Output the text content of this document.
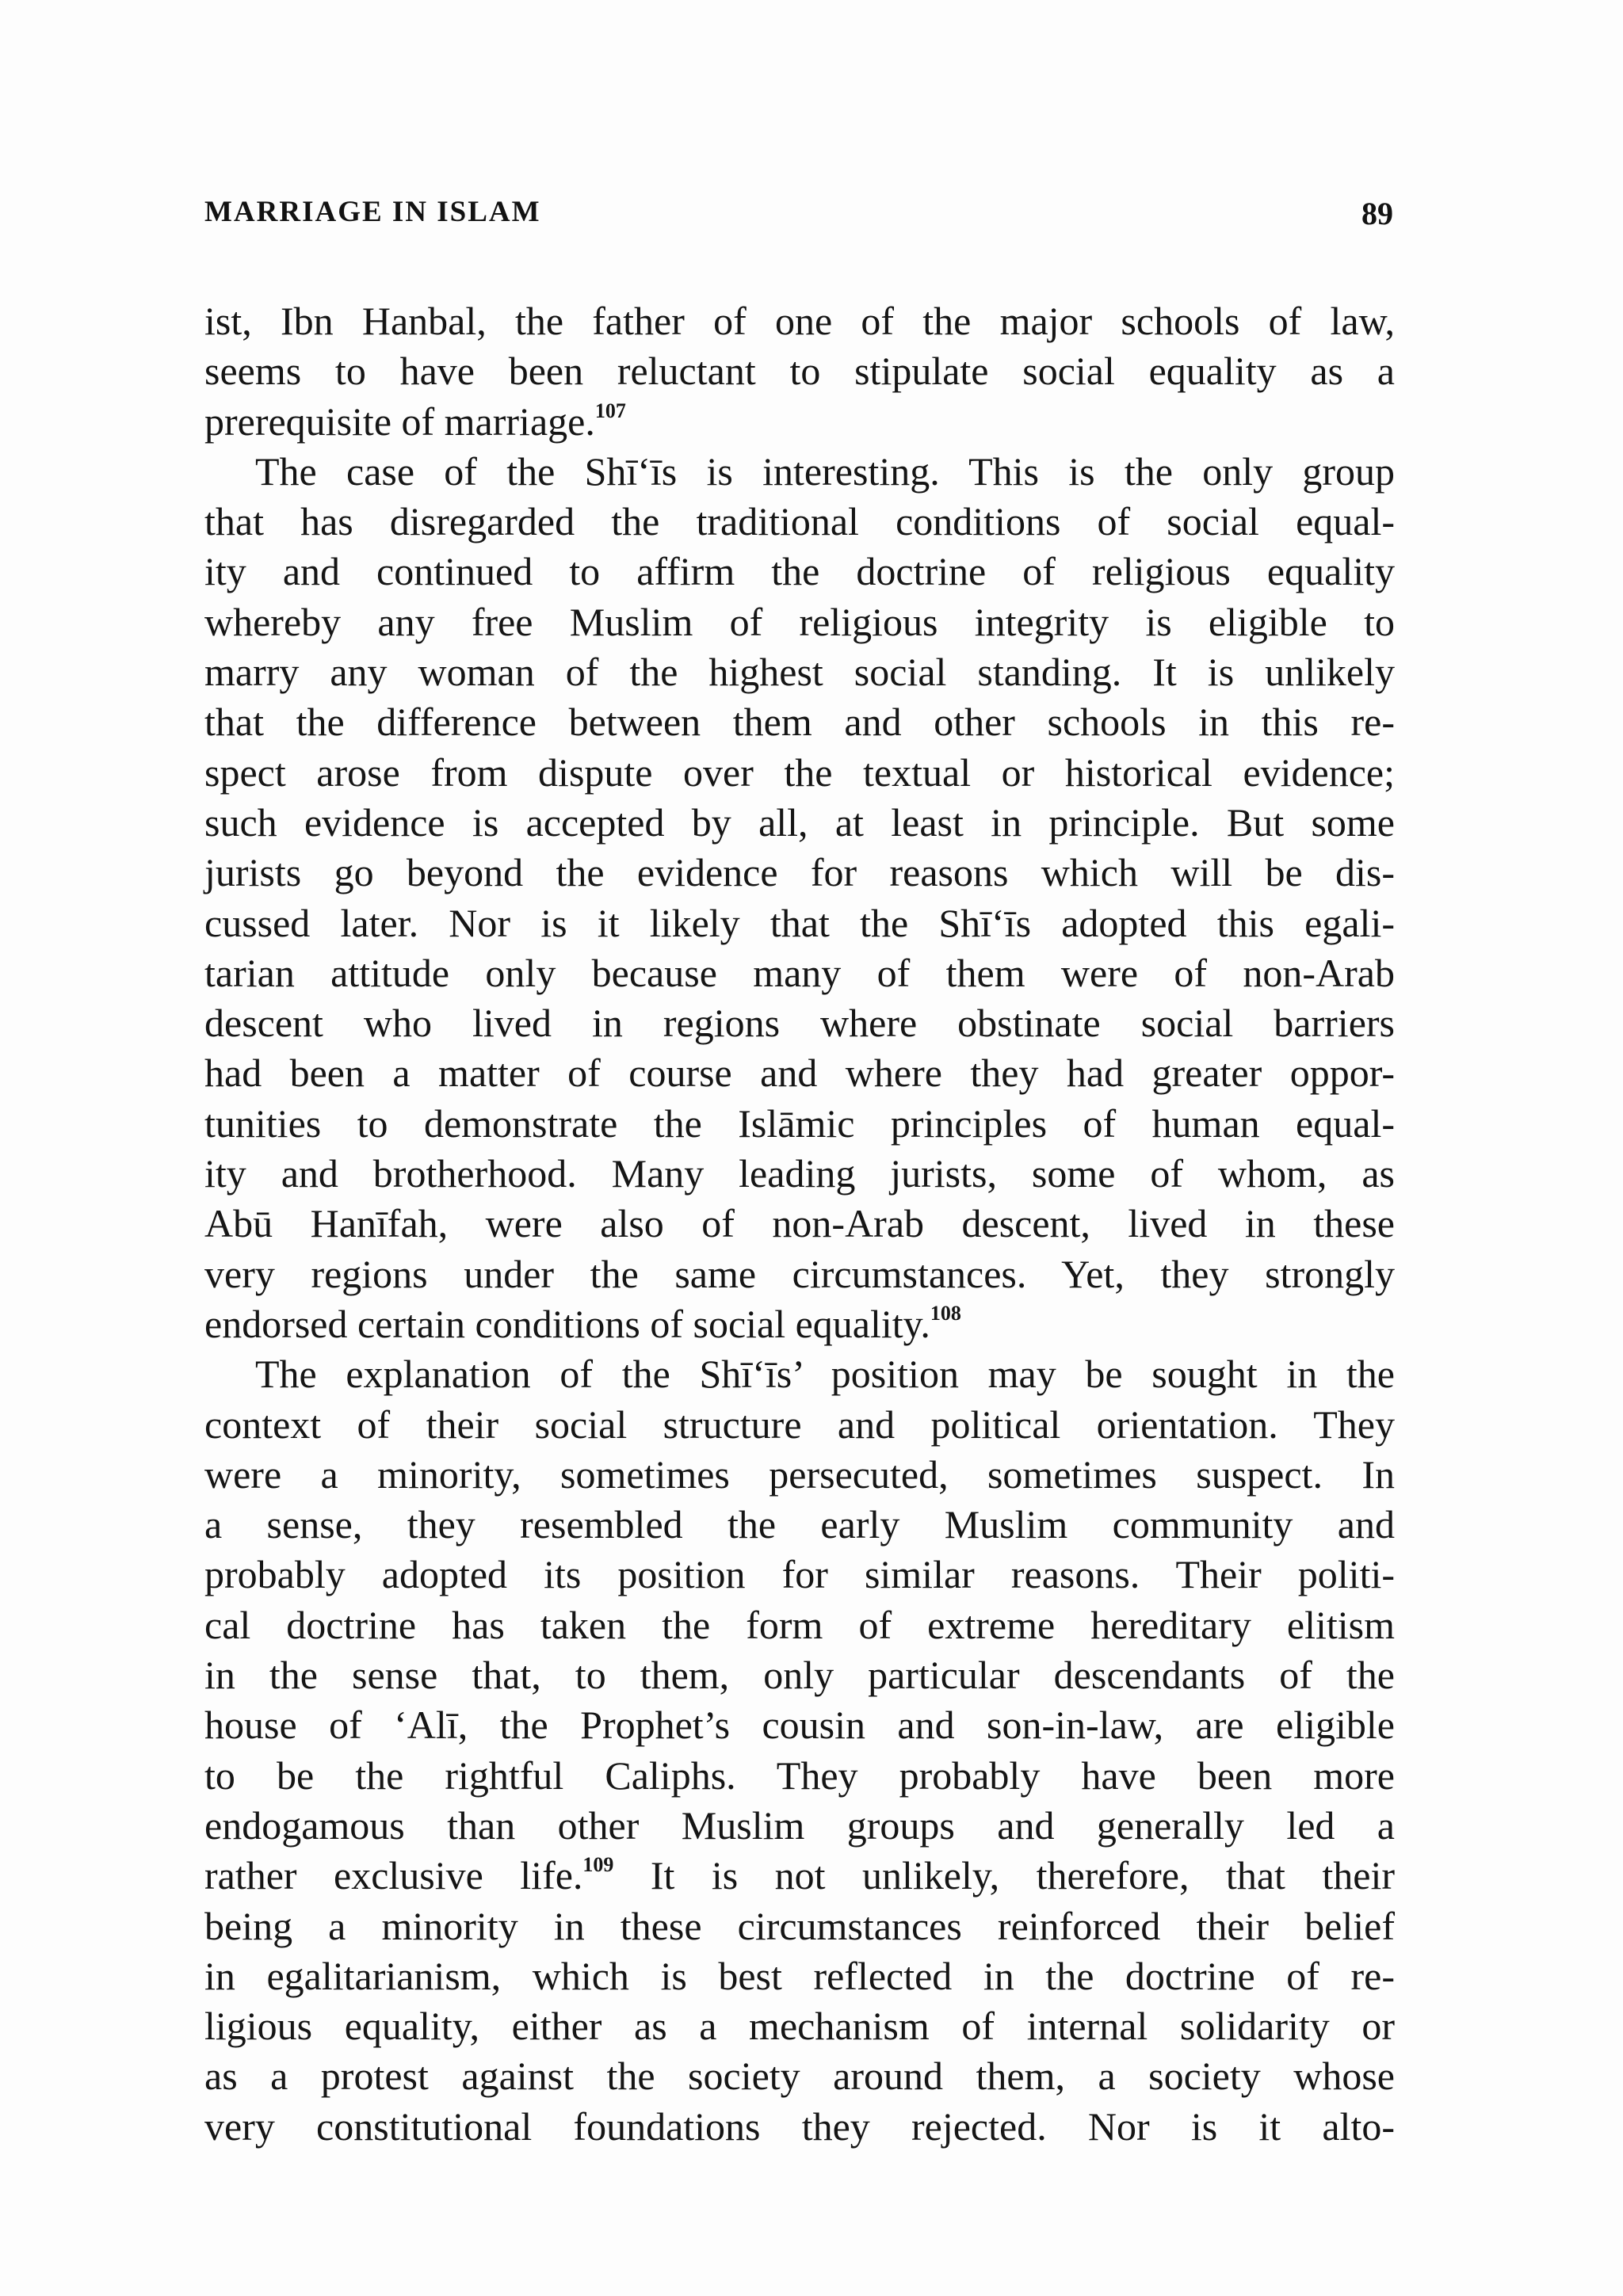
MARRIAGE IN ISLAM	89
ist, Ibn Hanbal, the father of one of the major schools of law,
seems to have been reluctant to stipulate social equality as a
prerequisite of marriage.$^{107}$
The case of the Shī‘īs is interesting. This is the only group
that has disregarded the traditional conditions of social equal-
ity and continued to affirm the doctrine of religious equality
whereby any free Muslim of religious integrity is eligible to
marry any woman of the highest social standing. It is unlikely
that the difference between them and other schools in this re-
spect arose from dispute over the textual or historical evidence;
such evidence is accepted by all, at least in principle. But some
jurists go beyond the evidence for reasons which will be dis-
cussed later. Nor is it likely that the Shī‘īs adopted this egali-
tarian attitude only because many of them were of non-Arab
descent who lived in regions where obstinate social barriers
had been a matter of course and where they had greater oppor-
tunities to demonstrate the Islāmic principles of human equal-
ity and brotherhood. Many leading jurists, some of whom, as
Abū Hanīfah, were also of non-Arab descent, lived in these
very regions under the same circumstances. Yet, they strongly
endorsed certain conditions of social equality.$^{108}$
The explanation of the Shī‘īs’ position may be sought in the
context of their social structure and political orientation. They
were a minority, sometimes persecuted, sometimes suspect. In
a sense, they resembled the early Muslim community and
probably adopted its position for similar reasons. Their politi-
cal doctrine has taken the form of extreme hereditary elitism
in the sense that, to them, only particular descendants of the
house of ‘Alī, the Prophet’s cousin and son-in-law, are eligible
to be the rightful Caliphs. They probably have been more
endogamous than other Muslim groups and generally led a
rather exclusive life.$^{109}$ It is not unlikely, therefore, that their
being a minority in these circumstances reinforced their belief
in egalitarianism, which is best reflected in the doctrine of re-
ligious equality, either as a mechanism of internal solidarity or
as a protest against the society around them, a society whose
very constitutional foundations they rejected. Nor is it alto-
